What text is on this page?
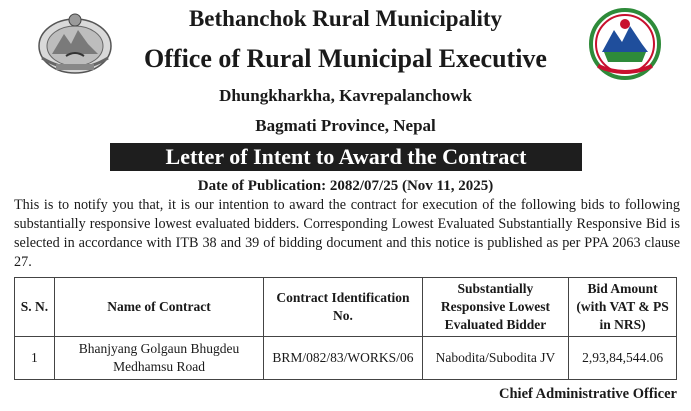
Bethanchok Rural Municipality
Office of Rural Municipal Executive
Dhungkharkha, Kavrepalanchowk
Bagmati Province, Nepal
Letter of Intent to Award the Contract
Date of Publication: 2082/07/25 (Nov 11, 2025)
This is to notify you that, it is our intention to award the contract for execution of the following bids to following substantially responsive lowest evaluated bidders. Corresponding Lowest Evaluated Substantially Responsive Bid is selected in accordance with ITB 38 and 39 of bidding document and this notice is published as per PPA 2063 clause 27.
S. N.	Name of Contract	Contract Identification No.	Substantially Responsive Lowest Evaluated Bidder	Bid Amount (with VAT & PS in NRS)
1	Bhanjyang Golgaun Bhugdeu Medhamsu Road	BRM/082/83/WORKS/06	Nabodita/Subodita JV	2,93,84,544.06
Chief Administrative Officer
